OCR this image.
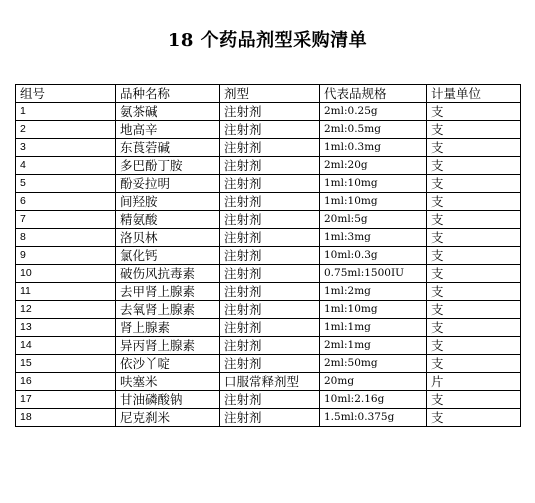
18 个药品剂型采购清单
组号	品种名称	剂型	代表品规格	计量单位
1	氨茶碱	注射剂	2ml:0.25g	支
2	地高辛	注射剂	2ml:0.5mg	支
3	东莨菪碱	注射剂	1ml:0.3mg	支
4	多巴酚丁胺	注射剂	2ml:20g	支
5	酚妥拉明	注射剂	1ml:10mg	支
6	间羟胺	注射剂	1ml:10mg	支
7	精氨酸	注射剂	20ml:5g	支
8	洛贝林	注射剂	1ml:3mg	支
9	氯化钙	注射剂	10ml:0.3g	支
10	破伤风抗毒素	注射剂	0.75ml:1500IU	支
11	去甲肾上腺素	注射剂	1ml:2mg	支
12	去氧肾上腺素	注射剂	1ml:10mg	支
13	肾上腺素	注射剂	1ml:1mg	支
14	异丙肾上腺素	注射剂	2ml:1mg	支
15	依沙丫啶	注射剂	2ml:50mg	支
16	呋塞米	口服常释剂型	20mg	片
17	甘油磷酸钠	注射剂	10ml:2.16g	支
18	尼克刹米	注射剂	1.5ml:0.375g	支
